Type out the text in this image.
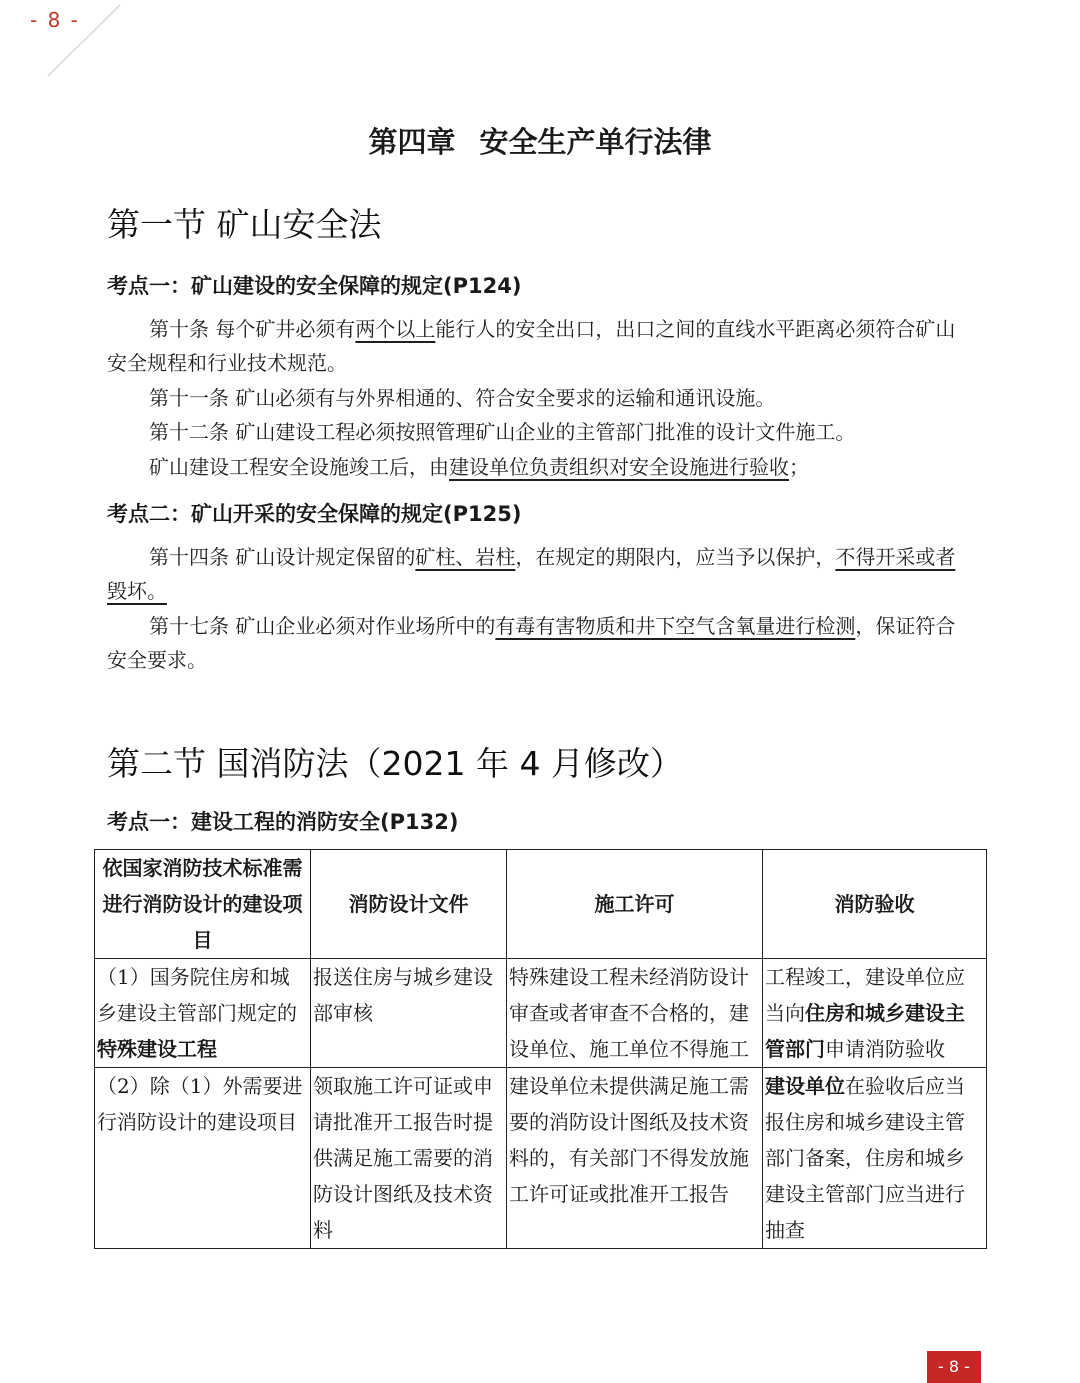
- 8 -
第四章 安全生产单行法律
第一节 矿山安全法
考点一：矿山建设的安全保障的规定(P124)
第十条 每个矿井必须有两个以上能行人的安全出口，出口之间的直线水平距离必须符合矿山安全规程和行业技术规范。
第十一条 矿山必须有与外界相通的、符合安全要求的运输和通讯设施。
第十二条 矿山建设工程必须按照管理矿山企业的主管部门批准的设计文件施工。
矿山建设工程安全设施竣工后，由建设单位负责组织对安全设施进行验收；
考点二：矿山开采的安全保障的规定(P125)
第十四条 矿山设计规定保留的矿柱、岩柱，在规定的期限内，应当予以保护，不得开采或者毁坏。
第十七条 矿山企业必须对作业场所中的有毒有害物质和井下空气含氧量进行检测，保证符合安全要求。
第二节 国消防法（2021 年 4 月修改）
考点一：建设工程的消防安全(P132)
依国家消防技术标准需进行消防设计的建设项目	消防设计文件	施工许可	消防验收
（1）国务院住房和城乡建设主管部门规定的特殊建设工程	报送住房与城乡建设部审核	特殊建设工程未经消防设计审查或者审查不合格的，建设单位、施工单位不得施工	工程竣工，建设单位应当向住房和城乡建设主管部门申请消防验收
（2）除（1）外需要进行消防设计的建设项目	领取施工许可证或申请批准开工报告时提供满足施工需要的消防设计图纸及技术资料	建设单位未提供满足施工需要的消防设计图纸及技术资料的，有关部门不得发放施工许可证或批准开工报告	建设单位在验收后应当报住房和城乡建设主管部门备案，住房和城乡建设主管部门应当进行抽查
- 8 -
